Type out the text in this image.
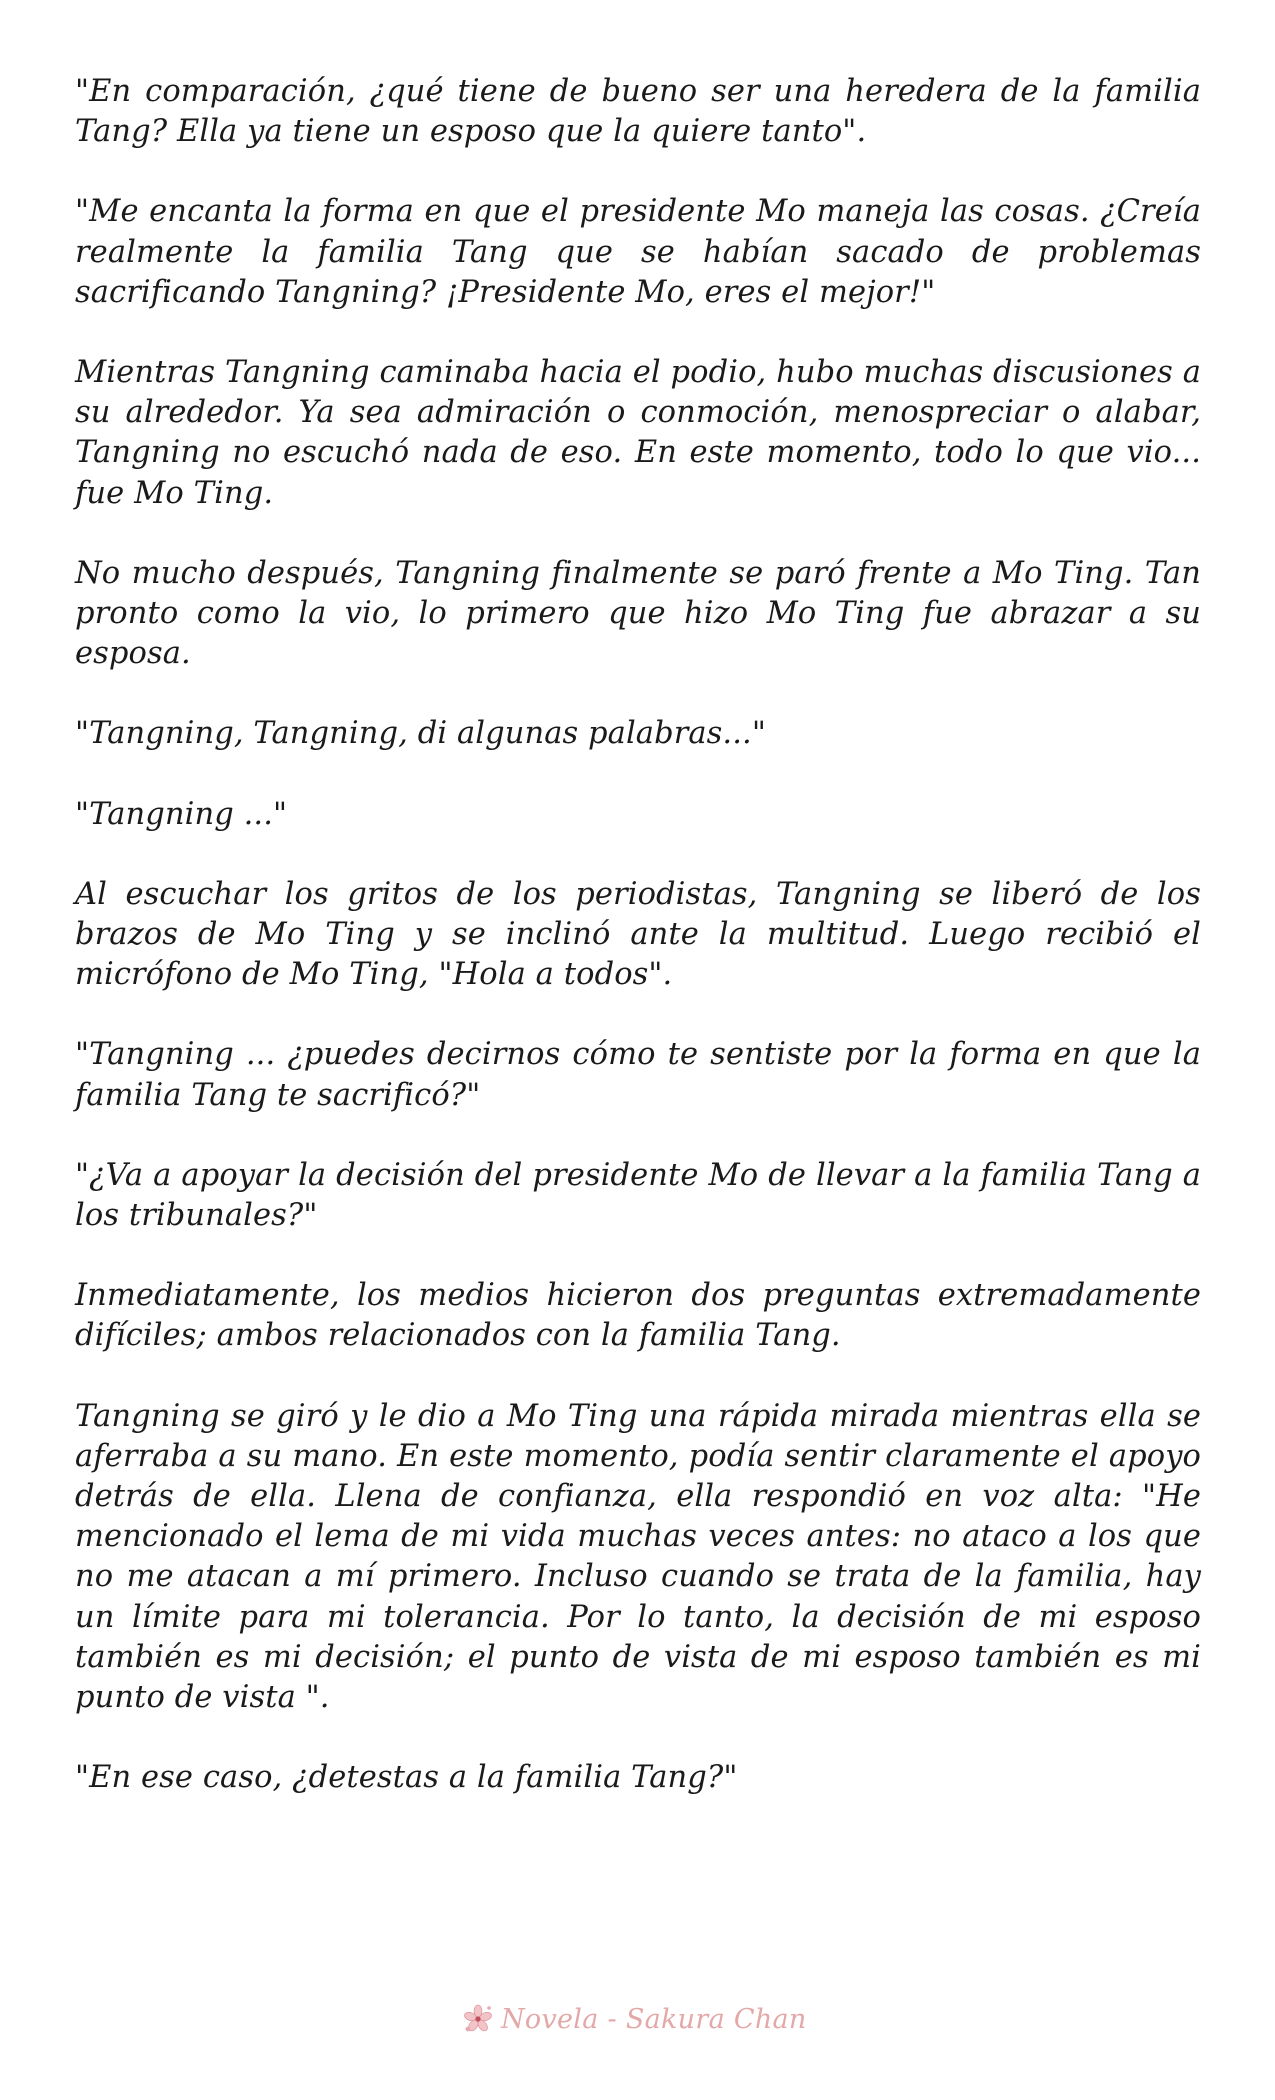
"En comparación, ¿qué tiene de bueno ser una heredera de la familia Tang? Ella ya tiene un esposo que la quiere tanto".

"Me encanta la forma en que el presidente Mo maneja las cosas. ¿Creía realmente la familia Tang que se habían sacado de problemas sacrificando Tangning? ¡Presidente Mo, eres el mejor!"

Mientras Tangning caminaba hacia el podio, hubo muchas discusiones a su alrededor. Ya sea admiración o conmoción, menospreciar o alabar, Tangning no escuchó nada de eso. En este momento, todo lo que vio... fue Mo Ting.

No mucho después, Tangning finalmente se paró frente a Mo Ting. Tan pronto como la vio, lo primero que hizo Mo Ting fue abrazar a su esposa.

"Tangning, Tangning, di algunas palabras..."

"Tangning ..."

Al escuchar los gritos de los periodistas, Tangning se liberó de los brazos de Mo Ting y se inclinó ante la multitud. Luego recibió el micrófono de Mo Ting, "Hola a todos".

"Tangning ... ¿puedes decirnos cómo te sentiste por la forma en que la familia Tang te sacrificó?"

"¿Va a apoyar la decisión del presidente Mo de llevar a la familia Tang a los tribunales?"

Inmediatamente, los medios hicieron dos preguntas extremadamente difíciles; ambos relacionados con la familia Tang.

Tangning se giró y le dio a Mo Ting una rápida mirada mientras ella se aferraba a su mano. En este momento, podía sentir claramente el apoyo detrás de ella. Llena de confianza, ella respondió en voz alta: "He mencionado el lema de mi vida muchas veces antes: no ataco a los que no me atacan a mí primero. Incluso cuando se trata de la familia, hay un límite para mi tolerancia. Por lo tanto, la decisión de mi esposo también es mi decisión; el punto de vista de mi esposo también es mi punto de vista ".

"En ese caso, ¿detestas a la familia Tang?"

Novela - Sakura Chan
